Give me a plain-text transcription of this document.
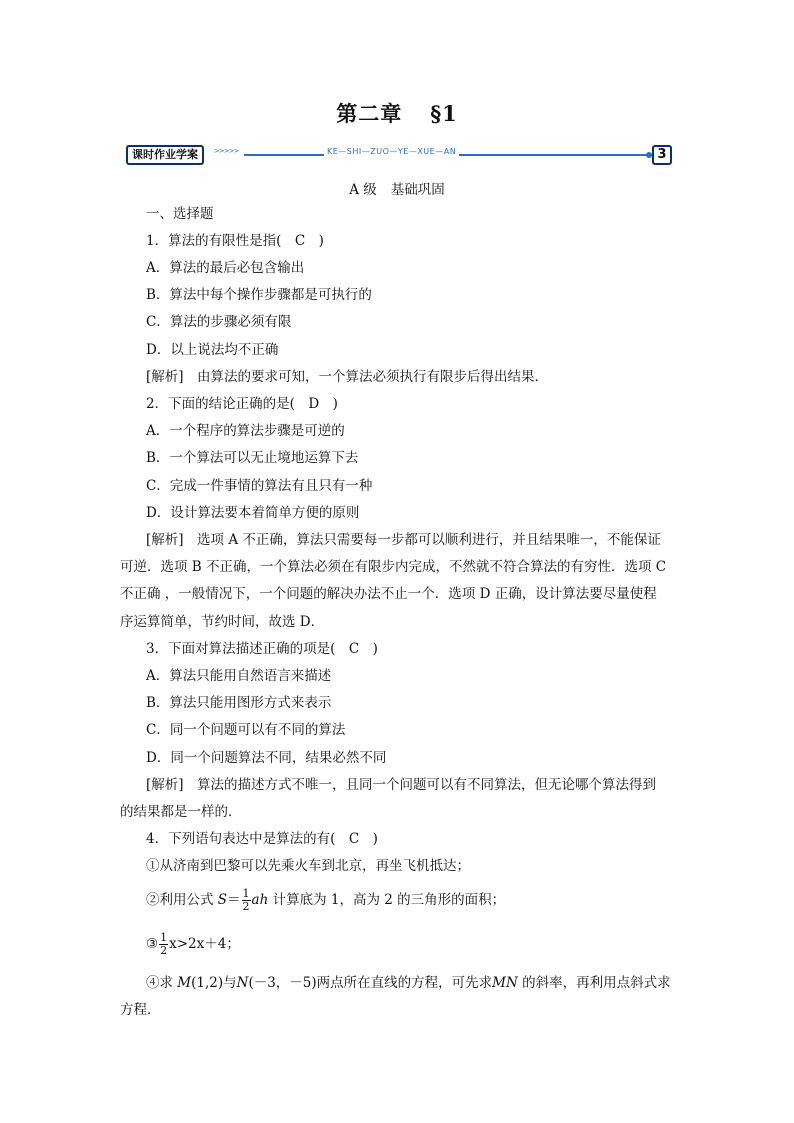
第二章 §1
课时作业学案	>>>>>	KE—SHI—ZUO—YE—XUE—AN	3
A 级 基础巩固
一、选择题
1．算法的有限性是指(　C　)
A．算法的最后必包含输出
B．算法中每个操作步骤都是可执行的
C．算法的步骤必须有限
D．以上说法均不正确
[解析]　由算法的要求可知，一个算法必须执行有限步后得出结果．
2．下面的结论正确的是(　D　)
A．一个程序的算法步骤是可逆的
B．一个算法可以无止境地运算下去
C．完成一件事情的算法有且只有一种
D．设计算法要本着简单方便的原则
[解析]　选项 A 不正确，算法只需要每一步都可以顺利进行，并且结果唯一，不能保证
可逆．选项 B 不正确，一个算法必须在有限步内完成，不然就不符合算法的有穷性．选项 C
不正确 ，一般情况下，一个问题的解决办法不止一个．选项 D 正确，设计算法要尽量使程
序运算简单，节约时间，故选 D．
3．下面对算法描述正确的项是(　C　)
A．算法只能用自然语言来描述
B．算法只能用图形方式来表示
C．同一个问题可以有不同的算法
D．同一个问题算法不同，结果必然不同
[解析]　算法的描述方式不唯一，且同一个问题可以有不同算法，但无论哪个算法得到
的结果都是一样的．
4．下列语句表达中是算法的有(　C　)
①从济南到巴黎可以先乘火车到北京，再坐飞机抵达；
②利用公式 $S= \frac{1}{2}$ ah 计算底为 1，高为 2 的三角形的面积；
③ $\frac{1}{2} x>2x+4$；
④求 M(1,2)与N(－3，－5)两点所在直线的方程，可先求MN 的斜率，再利用点斜式求
方程．
